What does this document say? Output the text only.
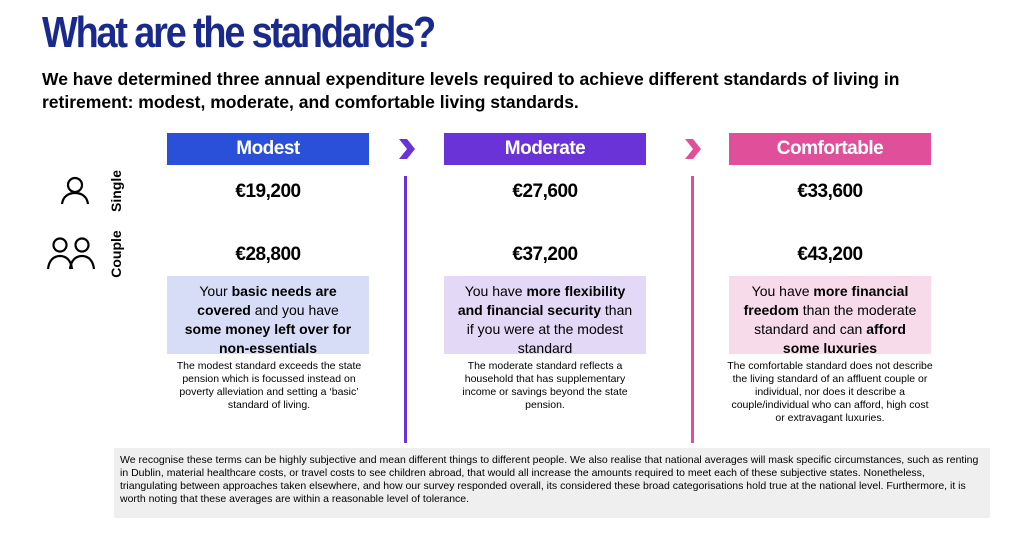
What are the standards?

We have determined three annual expenditure levels required to achieve different standards of living in retirement: modest, moderate, and comfortable living standards.

Single
Couple
Modest	Moderate	Comfortable
€19,200	€27,600	€33,600
€28,800	€37,200	€43,200
Your basic needs are covered and you have some money left over for non-essentials
You have more flexibility and financial security than if you were at the modest standard
You have more financial freedom than the moderate standard and can afford some luxuries
The modest standard exceeds the state pension which is focussed instead on poverty alleviation and setting a ‘basic’ standard of living.
The moderate standard reflects a household that has supplementary income or savings beyond the state pension.
The comfortable standard does not describe the living standard of an affluent couple or individual, nor does it describe a couple/individual who can afford, high cost or extravagant luxuries.
We recognise these terms can be highly subjective and mean different things to different people. We also realise that national averages will mask specific circumstances, such as renting in Dublin, material healthcare costs, or travel costs to see children abroad, that would all increase the amounts required to meet each of these subjective states. Nonetheless, triangulating between approaches taken elsewhere, and how our survey responded overall, its considered these broad categorisations hold true at the national level. Furthermore, it is worth noting that these averages are within a reasonable level of tolerance.
